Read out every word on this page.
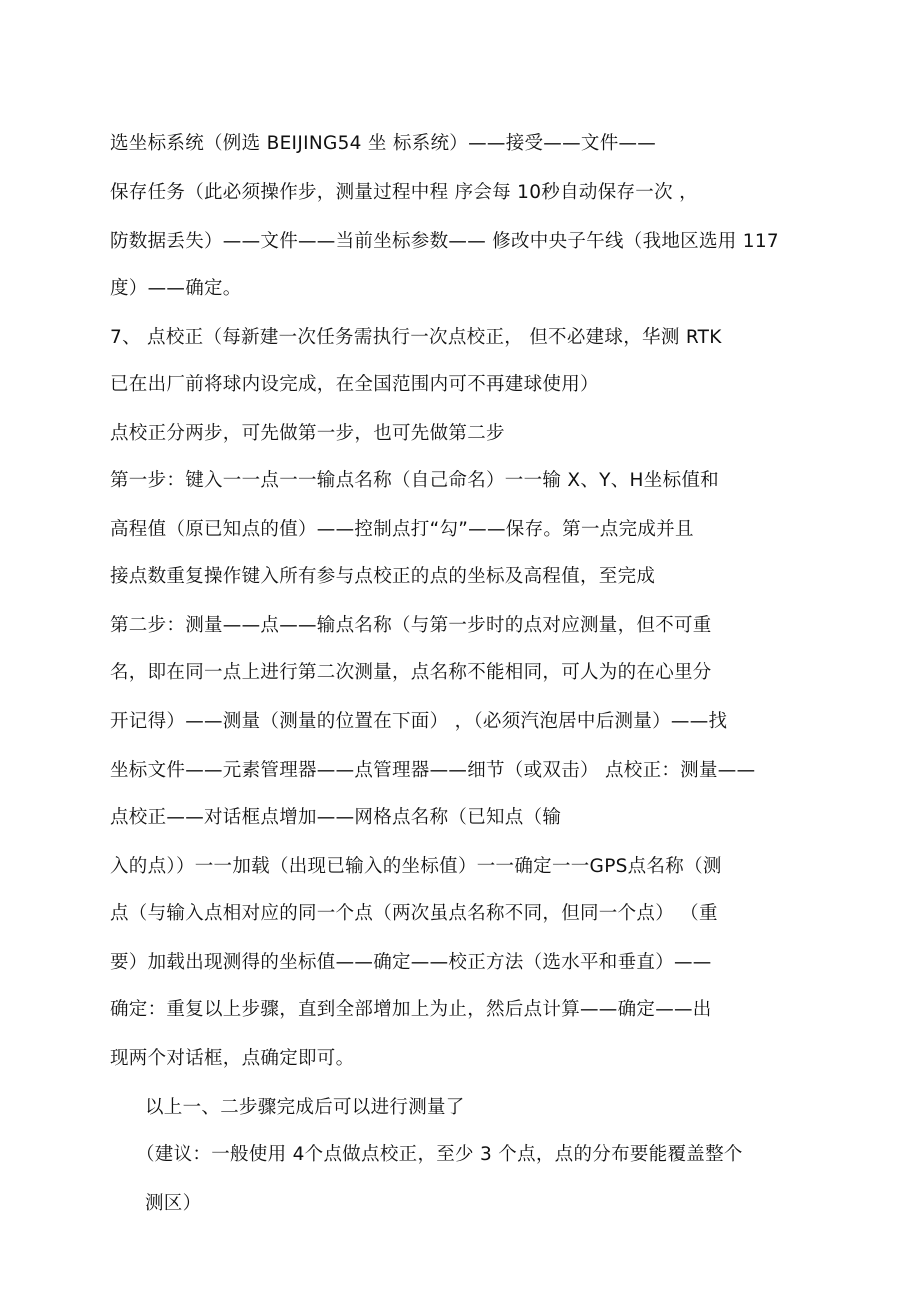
选坐标系统（例选 BEIJING54 坐 标系统）——接受——文件——
保存任务（此必须操作步，测量过程中程 序会每 10秒自动保存一次 ，
防数据丢失）——文件——当前坐标参数—— 修改中央子午线（我地区选用 117
度）——确定。
7、 点校正（每新建一次任务需执行一次点校正， 但不必建球，华测 RTK
已在出厂前将球内设完成，在全国范围内可不再建球使用）
点校正分两步，可先做第一步，也可先做第二步
第一步：键入一一点一一输点名称（自己命名）一一输 X、Y、H坐标值和
高程值（原已知点的值）——控制点打“勾”——保存。第一点完成并且
接点数重复操作键入所有参与点校正的点的坐标及高程值，至完成
第二步：测量——点——输点名称（与第一步时的点对应测量，但不可重
名，即在同一点上进行第二次测量，点名称不能相同，可人为的在心里分
开记得）——测量（测量的位置在下面） ，（必须汽泡居中后测量）——找
坐标文件——元素管理器——点管理器——细节（或双击） 点校正：测量——
点校正——对话框点增加——网格点名称（已知点（输
入的点））一一加载（出现已输入的坐标值）一一确定一一GPS点名称（测
点（与输入点相对应的同一个点（两次虽点名称不同，但同一个点） （重
要）加载出现测得的坐标值——确定——校正方法（选水平和垂直）——
确定：重复以上步骤，直到全部增加上为止，然后点计算——确定——出
现两个对话框，点确定即可。
以上一、二步骤完成后可以进行测量了
（建议：一般使用 4个点做点校正，至少 3 个点，点的分布要能覆盖整个
测区）
